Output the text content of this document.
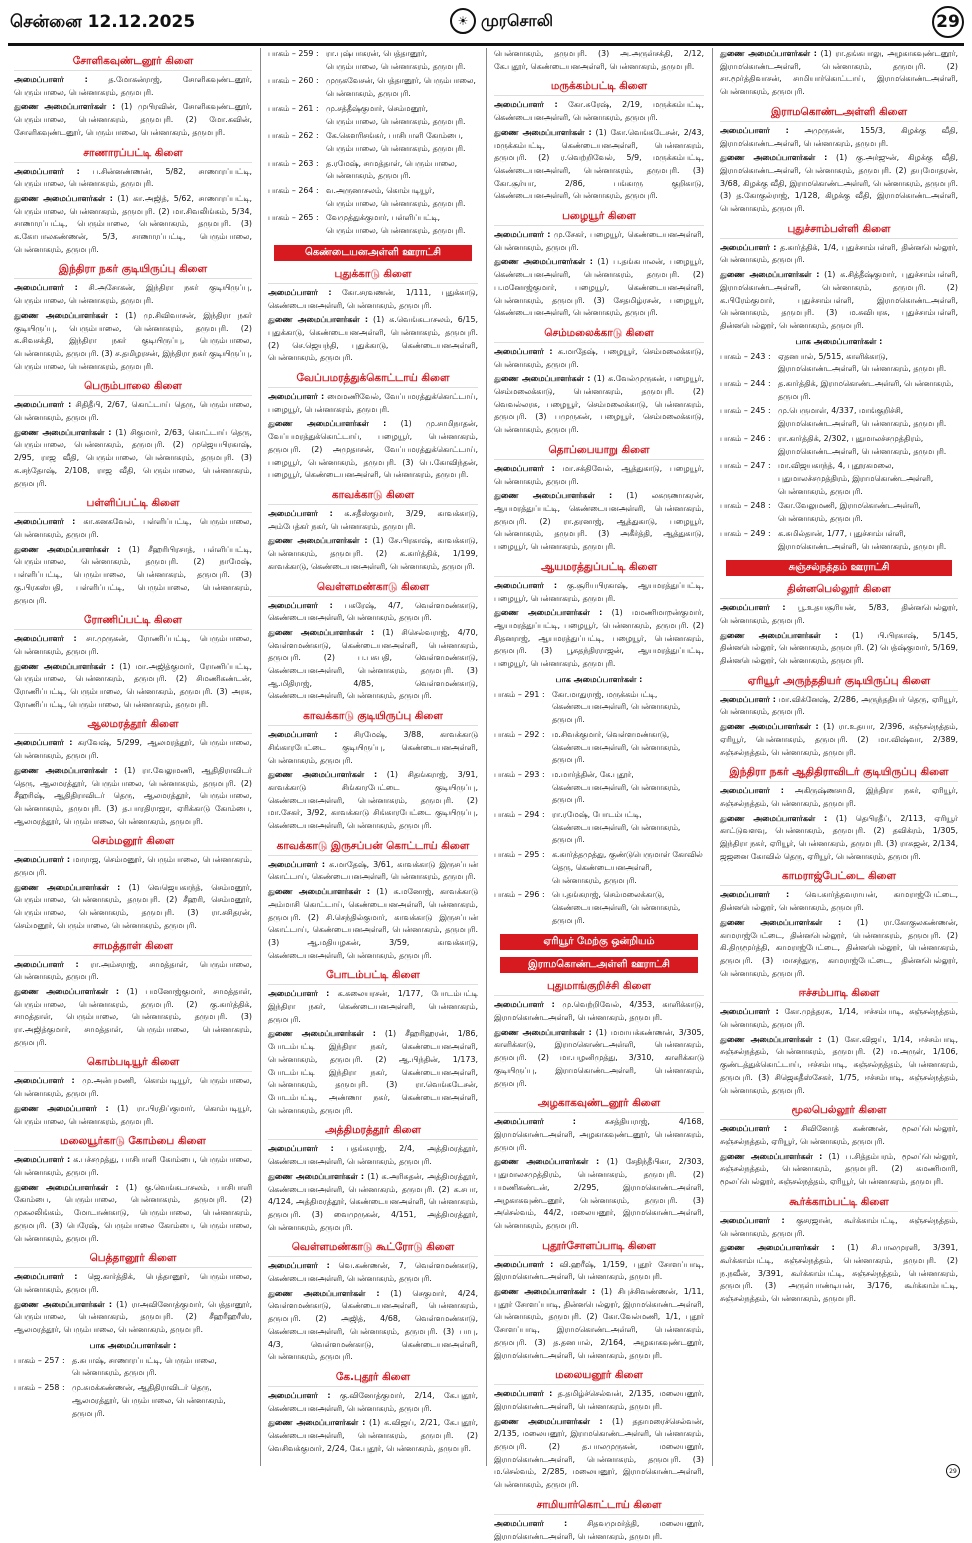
சென்னை 12.12.2025	☀ முரசொலி	29
சோளிகவுண்டனூர் கிளை

அமைப்பாளர் : த.மோகன்ராஜ், சோளிகவுண்டனூர், பெரும்பாலை, பென்னாகரம், தருமபுரி.

துணை அமைப்பாளர்கள் : (1) முபிரவின், சோளிகவுண்டனூர், பெரும்பாலை, பென்னாகரம், தருமபுரி. (2) மோ.கவின், சோளிகவுண்டனூர், பெரும்பாலை, பென்னாகரம், தருமபுரி.

சாணாரப்பட்டி கிளை

அமைப்பாளர் : ப.சின்னண்ணன், 5/82, சாணாரப்பட்டி, பெரும்பாலை, பென்னாகரம், தருமபுரி.

துணை அமைப்பாளர்கள் : (1) கா.அஜித், 5/62, சாணாரப்பட்டி, பெரும்பாலை, பென்னாகரம், தருமபுரி. (2) மா.சிவலிங்கம், 5/34, சாணாரப்பட்டி, பெரும்பாலை, பென்னாகரம், தருமபுரி. (3) க.கோபாலகண்ணன், 5/3, சாணாரப்பட்டி, பெரும்பாலை, பென்னாகரம், தருமபுரி.

இந்திரா நகர் குடியிருப்பு கிளை

அமைப்பாளர் : சி.அசோகன், இந்திரா நகர் குடியிருப்பு, பெரும்பாலை, பென்னாகரம், தருமபுரி.

துணை அமைப்பாளர்கள் : (1) மு.சிவிவாசன், இந்திரா நகர் குடியிருப்பு, பெரும்பாலை, பென்னாகரம், தருமபுரி. (2) க.சிவசக்தி, இந்திரா நகர் குடியிருப்பு, பெரும்பாலை, பென்னாகரம், தருமபுரி. (3) ச.தமிழரசன், இந்திரா நகர் குடியிருப்பு, பெரும்பாலை, பென்னாகரம், தருமபுரி.

பெரும்பாலை கிளை

அமைப்பாளர் : சிதிதீபி, 2/67, கொட்டாய் தெரு, பெரும்பாலை, பென்னாகரம், தருமபுரி.

துணை அமைப்பாளர்கள் : (1) சிகுமார், 2/63, கொட்டாய் தெரு, பெரும்பாலை, பென்னாகரம், தருமபுரி. (2) முஜெயபிரகாஷ், 2/95, ராஜ வீதி, பெரும்பாலை, பென்னாகரம், தருமபுரி. (3) க.சந்தோஷ், 2/108, ராஜ வீதி, பெரும்பாலை, பென்னாகரம், தருமபுரி.

பள்ளிப்பட்டி கிளை

அமைப்பாளர் : கா.கனகவேல், பள்ளிப்பட்டி, பெரும்பாலை, பென்னாகரம், தருமபுரி.

துணை அமைப்பாளர்கள் : (1) சீஹரிபிரசாத், பள்ளிப்பட்டி, பெரும்பாலை, பென்னாகரம், தருமபுரி. (2) நாமேஷ், பள்ளிப்பட்டி, பெரும்பாலை, பென்னாகரம், தருமபுரி. (3) கு.பிரகஸ்பதி, பள்ளிப்பட்டி, பெரும்பாலை, பென்னாகரம், தருமபுரி.

ரோணிப்பட்டி கிளை

அமைப்பாளர் : சா.முருகன், ரோணிப்பட்டி, பெரும்பாலை, பென்னாகரம், தருமபுரி.

துணை அமைப்பாளர்கள் : (1) மா.அஜித்குமார், ரோணிப்பட்டி, பெரும்பாலை, பென்னாகரம், தருமபுரி. (2) சிமணிகண்டன், ரோணிப்பட்டி, பெரும்பாலை, பென்னாகரம், தருமபுரி. (3) அரசு, ரோணிப்பட்டி, பெரும்பாலை, பென்னாகரம், தருமபுரி.

ஆலமரத்தூர் கிளை

அமைப்பாளர் : கரவேஷ், 5/299, ஆலமரத்தூர், பெரும்பாலை, பென்னாகரம், தருமபுரி.

துணை அமைப்பாளர்கள் : (1) ரா.வேலுமணி, ஆதிதிராவிடர் தெரு, ஆலமரத்தூர், பெரும்பாலை, பென்னாகரம், தருமபுரி. (2) சீஹரிஷ், ஆதிதிராவிடர் தெரு, ஆலமரத்தூர், பெரும்பாலை, பென்னாகரம், தருமபுரி. (3) த.பாரதிராஜா, ஏரிக்காடு கோம்பை, ஆலமரத்தூர், பெரும்பாலை, பென்னாகரம், தருமபுரி.

செம்மனூர் கிளை

அமைப்பாளர் : மாராஜ, செம்மனூர், பெரும்பாலை, பென்னாகரம், தருமபுரி.

துணை அமைப்பாளர்கள் : (1) வெஜெயகாந்த், செம்மனூர், பெரும்பாலை, பென்னாகரம், தருமபுரி. (2) சீஹரி, செம்மனூர், பெரும்பாலை, பென்னாகரம், தருமபுரி. (3) ரா.சசிதரன், செம்மனூர், பெரும்பாலை, பென்னாகரம், தருமபுரி.

சாமத்தாள் கிளை

அமைப்பாளர் : ரா.அம்சராஜ், சாமத்தாள், பெரும்பாலை, பென்னாகரம், தருமபுரி.

துணை அமைப்பாளர்கள் : (1) பமனோஜ்குமார், சாமத்தாள், பெரும்பாலை, பென்னாகரம், தருமபுரி. (2) கு.கார்த்திக், சாமத்தாள், பெரும்பாலை, பென்னாகரம், தருமபுரி. (3) ரா.அஜித்குமார், சாமத்தாள், பெரும்பாலை, பென்னாகரம், தருமபுரி.

கொம்படியூர் கிளை

அமைப்பாளர் : மு.அன்புமணி, கொம்படியூர், பெரும்பாலை, பென்னாகரம், தருமபுரி.

துணை அமைப்பாளர் : (1) ரா.பிரதிப்குமார், கொம்படியூர், பெரும்பாலை, பென்னாகரம், தருமபுரி.

மலையூர்காடு கோம்பை கிளை

அமைப்பாளர் : க.பச்சமுத்து, பாசிபாளி கோம்பை, பெரும்பாலை, பென்னாகரம், தருமபுரி.

துணை அமைப்பாளர்கள் : (1) கு.வெங்கடாசலம், பாசிபாளி கோம்பை, பெரும்பாலை, பென்னாகரம், தருமபுரி. (2) முகலலிங்கம், மோடாண்காடு, பெரும்பாலை, பென்னாகரம், தருமபுரி. (3) பெரேஷ், பெரும்பாலை கோம்பை, பெரும்பாலை, பென்னாகரம், தருமபுரி.

பெத்தானூர் கிளை

அமைப்பாளர் : ஜெ.கார்த்திக், பெத்தானூர், பெரும்பாலை, பென்னாகரம், தருமபுரி.

துணை அமைப்பாளர்கள் : (1) ராஅவினோத்குமார், பெத்தானூர், பெரும்பாலை, பென்னாகரம், தருமபுரி. (2) சீஹரீஹரீஸ், ஆலமரத்தூர், பெரும்பாலை, பென்னாகரம், தருமபுரி.

பாக அமைப்பாளர்கள் :
பாகம் – 257 : த.சுபாஷ், சாணாரப்பட்டி, பெரும்பாலை, பென்னாகரம், தருமபுரி.
பாகம் – 258 : மு.சுமக்கண்ணன், ஆதிதிராவிடர் தெரு, ஆலமரத்தூர், பெரும்பாலை, பென்னாகரம், தருமபுரி.
பாகம் – 259 : ரா.புஷ்பாகரன், பெத்தானூர், பெரும்பாலை, பென்னாகரம், தருமபுரி.
பாகம் – 260 : முருகவேசன், பெத்தானூர், பெரும்பாலை, பென்னாகரம், தருமபுரி.
பாகம் – 261 : மு.சத்தீஷ்குமார், செம்மனூர், பெரும்பாலை, பென்னாகரம், தருமபுரி.
பாகம் – 262 : கே.கௌரிசங்கர், பாசிபாளி கோம்பை, பெரும்பாலை, பென்னாகரம், தருமபுரி.
பாகம் – 263 : த.ரமேஷ், சாமத்தாள், பெரும்பாலை, பென்னாகரம், தருமபுரி.
பாகம் – 264 : வ.அருனாசலம், கொம்படியூர், பெரும்பாலை, பென்னாகரம், தருமபுரி.
பாகம் – 265 : வேமுத்துக்குமார், பள்ளிப்பட்டி, பெரும்பாலை, பென்னாகரம், தருமபுரி.
கெண்டையனஅள்ளி ஊராட்சி
புதுக்காடு கிளை

அமைப்பாளர் : கோ.சரவணன், 1/111, புதுக்காடு, கெண்டையனஅள்ளி, பென்னாகரம், தருமபுரி.

துணை அமைப்பாளர்கள் : (1) க.வெங்கடாசலம், 6/15, புதுக்காடு, கெண்டையனஅள்ளி, பென்னாகரம், தருமபுரி. (2) செ.ஜெயந்தி, புதுக்காடு, கெண்டையனஅள்ளி, பென்னாகரம், தருமபுரி.

வேப்பமரத்துக்கொட்டாய் கிளை

அமைப்பாளர் : மைமணிவேல், வேப்பமரத்துக்கொட்டாய், பழையூர், பென்னாகரம், தருமபுரி.

துணை அமைப்பாளர்கள் : (1) மு.சாமிநாதன், வேப்பமரத்துக்கொட்டாய், பழையூர், பென்னாகரம், தருமபுரி. (2) அமுதாசன், வேப்பமரத்துக்கொட்டாய், பழையூர், பென்னாகரம், தருமபுரி. (3) பெ.கோவிந்தன், பழையூர், கெண்டையனஅள்ளி, பென்னாகரம், தருமபுரி.

காவக்காடு கிளை

அமைப்பாளர் : க.சதீஸ்குமார், 3/29, காவக்காடு, அம்பேத்கர் நகர், பென்னாகரம், தருமபுரி.

துணை அமைப்பாளர்கள் : (1) சே.பிரகாஷ், காவக்காடு, பென்னாகரம், தருமபுரி. (2) க.கார்த்திக், 1/199, காவக்காடு, கெண்டையனஅள்ளி, பென்னாகரம், தருமபுரி.

வெள்ளமண்காடு கிளை

அமைப்பாளர் : பகரேஷ், 4/7, வெள்ளமண்காடு, கெண்டையனஅள்ளி, பென்னாகரம், தருமபுரி.

துணை அமைப்பாளர்கள் : (1) சிசெல்வராஜ், 4/70, வெள்ளமண்காடு, கெண்டையனஅள்ளி, பென்னாகரம், தருமபுரி. (2) ப.பசுபதி, வெள்ளமண்காடு, கெண்டையனஅள்ளி, பென்னாகரம், தருமபுரி. (3) ஆ.மிதிராஜ், 4/85, வெள்ளமண்காடு, கெண்டையனஅள்ளி, பென்னாகரம், தருமபுரி.

காவக்காடு குடியிருப்பு கிளை

அமைப்பாளர் : சிரமேஷ், 3/88, காவக்காடு சிங்காரபேட்டை குடியிருப்பு, கெண்டையனஅள்ளி, பென்னாகரம், தருமபுரி.

துணை அமைப்பாளர்கள் : (1) சிதங்கராஜ், 3/91, காவக்காடு சிங்காரபேட்டை குடியிருப்பு, கெண்டையனஅள்ளி, பென்னாகரம், தருமபுரி. (2) மா.சேகர், 3/92, காவக்காடு சிங்காரபேட்டை குடியிருப்பு, கெண்டையனஅள்ளி, பென்னாகரம், தருமபுரி.

காவக்காடு இருசப்பன் கொட்டாய் கிளை

அமைப்பாளர் : க.மாதேஷ், 3/61, காவக்காடு இருசப்பன் கொட்டாய், கெண்டையனஅள்ளி, பென்னாகரம், தருமபுரி.

துணை அமைப்பாளர்கள் : (1) க.மனோஜ், காவக்காடு அம்மாசி கொட்டாய், கெண்டையனஅள்ளி, பென்னாகரம், தருமபுரி. (2) சி.செந்தில்குமார், காவக்காடு இருசப்பன் கொட்டாய், கெண்டையனஅள்ளி, பென்னாகரம், தருமபுரி. (3) ஆ.மதியழகன், 3/59, காவக்காடு, கெண்டையனஅள்ளி, பென்னாகரம், தருமபுரி.

போடம்பட்டி கிளை

அமைப்பாளர் : க.கலையரசன், 1/177, போடம்பட்டி இந்திரா நகர், கெண்டையனஅள்ளி, பென்னாகரம், தருமபுரி.

துணை அமைப்பாளர்கள் : (1) சீஹரிஹரன், 1/86, போடம்பட்டி இந்திரா நகர், கெண்டையனஅள்ளி, பென்னாகரம், தருமபுரி. (2) ஆ.பிந்தின், 1/173, போடம்பட்டி இந்திரா நகர், கெண்டையனஅள்ளி, பென்னாகரம், தருமபுரி. (3) ரா.வெங்கடேசன், போடம்பட்டி, அண்ணா நகர், கெண்டையனஅள்ளி, பென்னாகரம், தருமபுரி.

அத்திமரத்தூர் கிளை

அமைப்பாளர் : பதங்கராஜ், 2/4, அத்திமரத்தூர், கெண்டையனஅள்ளி, பென்னாகரம், தருமபுரி.

துணை அமைப்பாளர்கள் : (1) க.அரிசுதன், அத்திமரத்தூர், கெண்டையனஅள்ளி, பென்னாகரம், தருமபுரி. (2) க.சபா, 4/124, அத்திமரத்தூர், கெண்டையனஅள்ளி, பென்னாகரம், தருமபுரி. (3) வைமுருகன், 4/151, அத்திமரத்தூர், பென்னாகரம், தருமபுரி.

வெள்ளமண்காடு கூட்ரோடு கிளை

அமைப்பாளர் : வெ.கண்ணன், 7, வெள்ளமண்காடு, கெண்டையனஅள்ளி, பென்னாகரம், தருமபுரி.

துணை அமைப்பாளர்கள் : (1) செகுமார், 4/24, வெள்ளமண்காடு, கெண்டையனஅள்ளி, பென்னாகரம், தருமபுரி. (2) அஜித், 4/68, வெள்ளமண்காடு, கெண்டையனஅள்ளி, பென்னாகரம், தருமபுரி. (3) பாபு, 4/3, வெள்ளமண்காடு, கெண்டையனஅள்ளி, பென்னாகரம், தருமபுரி.

கே.புதூர் கிளை

அமைப்பாளர் : கு.வினோத்குமார், 2/14, கே.புதூர், கெண்டையனஅள்ளி, பென்னாகரம், தருமபுரி.

துணை அமைப்பாளர்கள் : (1) க.விஜய், 2/21, கே.புதூர், கெண்டையனஅள்ளி, பென்னாகரம், தருமபுரி. (2) வெசிவக்குமார், 2/24, கே.புதூர், பென்னாகரம், தருமபுரி.

பென்னாகரம், தருமபுரி. (3) அ.அருள்சக்தி, 2/12, கே.புதூர், கெண்டையனஅள்ளி, பென்னாகரம், தருமபுரி.

மருக்கம்பட்டி கிளை

அமைப்பாளர் : கோ.சுரேஷ், 2/19, மருக்கம்பட்டி, கெண்டையனஅள்ளி, பென்னாகரம், தருமபுரி.

துணை அமைப்பாளர்கள் : (1) கோ.வெங்கடேசன், 2/43, மருக்கம்பட்டி, கெண்டையனஅள்ளி, பென்னாகரம், தருமபுரி. (2) ர.வெற்றிவேல், 5/9, மருக்கம்பட்டி, கெண்டையனஅள்ளி, பென்னாகரம், தருமபுரி. (3) கோ.சூர்யா, 2/86, பங்காரு குறிகாடு, கெண்டையனஅள்ளி, பென்னாகரம், தருமபுரி.

பழையூர் கிளை

அமைப்பாளர் : மு.சேகர், பழையூர், கெண்டையனஅள்ளி, பென்னாகரம், தருமபுரி.

துணை அமைப்பாளர்கள் : (1) ப.தங்கபாலன், பழையூர், கெண்டையனஅள்ளி, பென்னாகரம், தருமபுரி. (2) ப.மனோஜ்குமார், பழையூர், கெண்டையனஅள்ளி, பென்னாகரம், தருமபுரி. (3) சேதமிழ்ரசன், பழையூர், கெண்டையனஅள்ளி, பென்னாகரம், தருமபுரி.

செம்மலைக்காடு கிளை

அமைப்பாளர் : க.மாதேஷ், பழையூர், செம்மலைக்காடு, பென்னாகரம், தருமபுரி.

துணை அமைப்பாளர்கள் : (1) க.வேல்முருகன், பழையூர், செம்மலைக்காடு, பென்னாகரம், தருமபுரி. (2) வெவல்லரசு, பழையூர், செம்மலைக்காடு, பென்னாகரம், தருமபுரி. (3) பமுருகன், பழையூர், செம்மலைக்காடு, பென்னாகரம், தருமபுரி.

தொப்பையாறு கிளை

அமைப்பாளர் : மா.சக்திவேல், ஆத்துகாடு, பழையூர், பென்னாகரம், தருமபுரி.

துணை அமைப்பாளர்கள் : (1) லகருணாகரன், ஆயமரத்துப்பட்டி, கெண்டையனஅள்ளி, பென்னாகரம், தருமபுரி. (2) ரா.தரனாஜ், ஆத்துகாடு, பழையூர், பென்னாகரம், தருமபுரி. (3) அகீர்த்தி, ஆத்துகாடு, பழையூர், பென்னாகரம், தருமபுரி.

ஆயமரத்துப்பட்டி கிளை

அமைப்பாளர் : கு.சூரியபிரகாஷ், ஆயமரத்துப்பட்டி, பழையூர், பென்னாகரம், தருமபுரி.

துணை அமைப்பாளர்கள் : (1) மமணிமாறன்குமார், ஆயமரத்துப்பட்டி, பழையூர், பென்னாகரம், தருமபுரி. (2) சிதனராஜ், ஆயமரத்துப்பட்டி, பழையூர், பென்னாகரம், தருமபுரி. (3) பூசுதந்திரராஜன், ஆயமரத்துப்பட்டி, பழையூர், பென்னாகரம், தருமபுரி.

பாக அமைப்பாளர்கள் :
பாகம் – 291 : கோ.மாதுராஜ், மருக்கம்பட்டி, கெண்டையனஅள்ளி, பென்னாகரம், தருமபுரி.
பாகம் – 292 : ம.சிவக்குமார், வெள்ளமண்காடு, கெண்டையனஅள்ளி, பென்னாகரம், தருமபுரி.
பாகம் – 293 : ம.மார்த்தின், கே.புதூர், கெண்டையனஅள்ளி, பென்னாகரம், தருமபுரி.
பாகம் – 294 : ரா.ரமேஷ், போடம்பட்டி, கெண்டையனஅள்ளி, பென்னாகரம், தருமபுரி.
பாகம் – 295 : க.கார்த்தமுத்து, குண்டுபெருமாள் கோவில் தெரு, கெண்டையனஅள்ளி, பென்னாகரம், தருமபுரி.
பாகம் – 296 : பெ.தங்கராஜ், செம்மலைக்காடு, கெண்டையனஅள்ளி, பென்னாகரம், தருமபுரி.
ஏரியூர் மேற்கு ஒன்றியம்
இராமகொண்டஅள்ளி ஊராட்சி
புதுமாங்குறிச்சி கிளை

அமைப்பாளர் : மு.வெற்றிவேல், 4/353, காளிக்காடு, இராமகொண்டஅள்ளி, பென்னாகரம், தருமபுரி.

துணை அமைப்பாளர்கள் : (1) மமாயக்கண்ணன், 3/305, காளிக்காடு, இராமகொண்டஅள்ளி, பென்னாகரம், தருமபுரி. (2) மா.பழனிமுத்து, 3/310, காளிக்காடு குடியிருப்பு, இராமகொண்டஅள்ளி, பென்னாகரம், தருமபுரி.

அழகாகவுண்டனூர் கிளை

அமைப்பாளர் : சுசத்தியராஜ், 4/168, இராமகொண்டஅள்ளி, அழகாகவுண்டனூர், பென்னாகரம், தருமபுரி.

துணை அமைப்பாளர்கள் : (1) சேதிந்தீபிகா, 2/303, புதுமாலசமுத்திரம், பென்னாகரம், தருமபுரி. (2) பமணிகண்டன், 2/295, இராமகொண்டஅள்ளி, அழகாகவுண்டனூர், பென்னாகரம், தருமபுரி. (3) அசெல்வம், 44/2, மலையனூர், இராமகொண்டஅள்ளி, பென்னாகரம், தருமபுரி.

புதூர்சோளப்பாடி கிளை

அமைப்பாளர் : வி.ஹரீஷ், 1/159, புதூர் சோளப்பாடி, இராமகொண்டஅள்ளி, பென்னாகரம், தருமபுரி.

துணை அமைப்பாளர்கள் : (1) சிபுச்சிவண்ணன், 1/11, புதூர் சோளப்பாடி, தின்னபெல்லூர், இராமகொண்டஅள்ளி, பென்னாகரம், தருமபுரி. (2) கோ.வேல்மணி, 1/1, புதூர் சோளப்பாடி, இராமகொண்டஅள்ளி, பென்னாகரம், தருமபுரி. (3) த.தனபால், 2/164, அழகாகவுண்டனூர், இராமகொண்டஅள்ளி, பென்னாகரம், தருமபுரி.

மலையனூர் கிளை

அமைப்பாளர் : த.தமிழ்ச்செல்வன், 2/135, மலையனூர், இராமகொண்டஅள்ளி, பென்னாகரம், தருமபுரி.

துணை அமைப்பாளர்கள் : (1) ததாமரைச்செல்வன், 2/135, மலையனூர், இராமகொண்டஅள்ளி, பென்னாகரம், தருமபுரி. (2) த.பாலமுருகன், மலையனூர், இராமகொண்டஅள்ளி, பென்னாகரம், தருமபுரி. (3) ம.செல்வம், 2/285, மலையனூர், இராமகொண்டஅள்ளி, பென்னாகரம், தருமபுரி.

சாமியார்கொட்டாய் கிளை

அமைப்பாளர் : சிதவமுமர்த்தி, மலையனூர், இராமகொண்டஅள்ளி, பென்னாகரம், தருமபுரி.

துணை அமைப்பாளர்கள் : (1) ரா.தங்கபாலு, அழகாகவுண்டனூர், இராமகொண்டஅள்ளி, பென்னாகரம், தருமபுரி. (2) சா.மூர்த்திவாசன், சாமியார்கொட்டாய், இராமகொண்டஅள்ளி, பென்னாகரம், தருமபுரி.

இராமகொண்டஅள்ளி கிளை

அமைப்பாளர் : அமுருகன், 155/3, கிழக்கு வீதி, இராமகொண்டஅள்ளி, பென்னாகரம், தருமபுரி.

துணை அமைப்பாளர்கள் : (1) கு.அர்ஜுன், கிழக்கு வீதி, இராமகொண்டஅள்ளி, பென்னாகரம், தருமபுரி. (2) தயுமோதரன், 3/68, கிழக்கு வீதி, இராமகொண்டஅள்ளி, பென்னாகரம், தருமபுரி. (3) த.கோகுல்ராஜ், 1/128, கிழக்கு வீதி, இராமகொண்டஅள்ளி, பென்னாகரம், தருமபுரி.

புதுச்சாம்பள்ளி கிளை

அமைப்பாளர் : த.கார்த்திக், 1/4, புதுச்சாம்பள்ளி, தின்னபெல்லூர், பென்னாகரம், தருமபுரி.

துணை அமைப்பாளர்கள் : (1) க.சித்தீஷ்குமார், புதுச்சாம்பள்ளி, இராமகொண்டஅள்ளி, பென்னாகரம், தருமபுரி. (2) க.பிரேம்குமார், புதுச்சாம்பள்ளி, இராமகொண்டஅள்ளி, பென்னாகரம், தருமபுரி. (3) ம.சுவிபரசு, புதுச்சாம்பள்ளி, தின்னபெல்லூர், பென்னாகரம், தருமபுரி.

பாக அமைப்பாளர்கள் :
பாகம் – 243 : ஏதனபால், 5/515, காளிக்காடு, இராமகொண்டஅள்ளி, பென்னாகரம், தருமபுரி.
பாகம் – 244 : த.கார்த்திக், இராமகொண்டஅள்ளி, பென்னாகரம், தருமபுரி.
பாகம் – 245 : மு.பெருமாள், 4/337, மாங்குறிச்சி, இராமகொண்டஅள்ளி, பென்னாகரம், தருமபுரி.
பாகம் – 246 : ரா.கார்த்திக், 2/302, புதுமாலச்சமுத்திரம், இராமகொண்டஅள்ளி, பென்னாகரம், தருமபுரி.
பாகம் – 247 : மா.விஜயகாந்த், 4, புதூரகமலை, புதுமாலச்சமுத்திரம், இராமகொண்டஅள்ளி, பென்னாகரம், தருமபுரி.
பாகம் – 248 : கோ.வேலுமணி, இராமகொண்டஅள்ளி, பென்னாகரம், தருமபுரி.
பாகம் – 249 : க.சுமில்தான், 1/77, புதுச்சாம்பள்ளி, இராமகொண்டஅள்ளி, பென்னாகரம், தருமபுரி.
சுஞ்சல்நத்தம் ஊராட்சி
தின்னபெல்லூர் கிளை

அமைப்பாளர் : பூ.உதயசூரியன், 5/83, தின்னபெல்லூர், பென்னாகரம், தருமபுரி.

துணை அமைப்பாளர்கள் : (1) பி.பிரகாஷ், 5/145, தின்னபெல்லூர், பென்னாகரம், தருமபுரி. (2) பெத்ஷ்குமார், 5/169, தின்னபெல்லூர், பென்னாகரம், தருமபுரி.

ஏரியூர் அருந்ததியர் குடியிருப்பு கிளை

அமைப்பாளர் : மா.விக்னேஷ், 2/286, அருந்ததியர் தெரு, ஏரியூர், பென்னாகரம், தருமபுரி.

துணை அமைப்பாளர்கள் : (1) ரா.உதயா, 2/396, சுஞ்சல்நத்தம், ஏரியூர், பென்னாகரம், தருமபுரி. (2) மா.விஷ்வா, 2/389, சுஞ்சல்நத்தம், பென்னாகரம், தருமபுரி.

இந்திரா நகர் ஆதிதிராவிடர் குடியிருப்பு கிளை

அமைப்பாளர் : அகிருஷ்ணசாமி, இந்திரா நகர், ஏரியூர், சுஞ்சல்நத்தம், பென்னாகரம், தருமபுரி.

துணை அமைப்பாளர்கள் : (1) தெபிரதீப், 2/113, ஏரியூர் காட்டுவளவு, பென்னாகரம், தருமபுரி. (2) தவிக்ரம், 1/305, இந்திரா நகர், ஏரியூர், பென்னாகரம், தருமபுரி. (3) ராசுஜன், 2/134, ஜஜனை கோவில் தெரு, ஏரியூர், பென்னாகரம், தருமபுரி.

காமராஜ்பேட்டை கிளை

அமைப்பாளர் : வெ.கார்த்தவராயன், காமராஜ்பேட்டை, தின்னபெல்லூர், பென்னாகரம், தருமபுரி.

துணை அமைப்பாளர்கள் : (1) ரா.கோகுலகண்ணன், காமராஜ்பேட்டை, தின்னபெல்லூர், பென்னாகரம், தருமபுரி. (2) கி.திருமூர்த்தி, காமராஜ்பேட்டை, தின்னபெல்லூர், பென்னாகரம், தருமபுரி. (3) மாசந்துரு, காமராஜ்பேட்டை, தின்னபெல்லூர், பென்னாகரம், தருமபுரி.

ஈச்சம்பாடி கிளை

அமைப்பாளர் : கோ.முத்தரசு, 1/14, ஈச்சம்பாடி, சுஞ்சல்நத்தம், பென்னாகரம், தருமபுரி.

துணை அமைப்பாளர்கள் : (1) கோ.விஜய், 1/14, ஈச்சம்பாடி, சுஞ்சல்நத்தம், பென்னாகரம், தருமபுரி. (2) ம.அருள், 1/106, குண்டத்துக்கொட்டாய், ஈச்சம்பாடி, சுஞ்சல்நத்தம், பென்னாகரம், தருமபுரி. (3) சிஜெகதீஸ்சேகர், 1/75, ஈச்சம்பாடி, சுஞ்சல்நத்தம், பென்னாகரம், தருமபுரி.

மூலபெல்லூர் கிளை

அமைப்பாளர் : சிவினோத் கண்ணன், மூலப்பெல்லூர், சுஞ்சல்நத்தம், ஏரியூர், பென்னாகரம், தருமபுரி.

துணை அமைப்பாளர்கள் : (1) ப.சித்தம்பரம், மூலப்பெல்லூர், சுஞ்சல்நத்தம், பென்னாகரம், தருமபுரி. (2) கமணிமாரி, மூலப்பெல்லூர், சுஞ்சல்நத்தம், ஏரியூர், பென்னாகரம், தருமபுரி.

கூர்க்காம்பட்டி கிளை

அமைப்பாளர் : குசரஜான், கூர்க்காம்பட்டி, சுஞ்சல்நத்தம், பென்னாகரம், தருமபுரி.

துணை அமைப்பாளர்கள் : (1) சி.பாலமுரளி, 3/391, கூர்க்காம்பட்டி, சுஞ்சல்நத்தம், பென்னாகரம், தருமபுரி. (2) ந.நவீன், 3/391, கூர்க்காம்பட்டி, சுஞ்சல்நத்தம், பென்னாகரம், தருமபுரி. (3) அருள்பாண்டியன், 3/176, கூர்க்காம்பட்டி, சுஞ்சல்நத்தம், பென்னாகரம், தருமபுரி.

29
